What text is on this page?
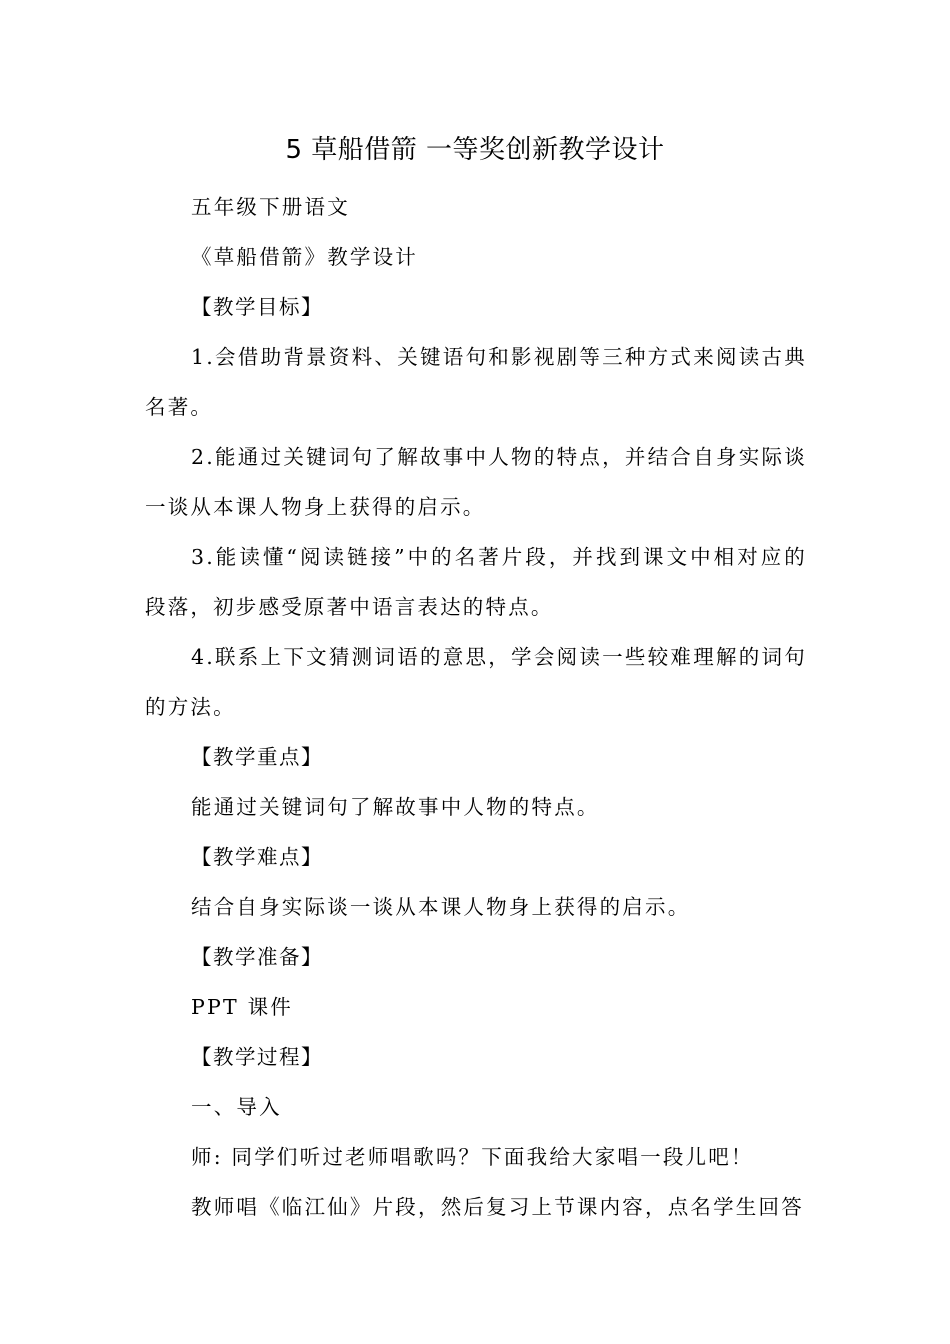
5 草船借箭 一等奖创新教学设计

五年级下册语文

《草船借箭》教学设计

【教学目标】

1.会借助背景资料、关键语句和影视剧等三种方式来阅读古典名著。

2.能通过关键词句了解故事中人物的特点，并结合自身实际谈一谈从本课人物身上获得的启示。

3.能读懂“阅读链接”中的名著片段，并找到课文中相对应的段落，初步感受原著中语言表达的特点。

4.联系上下文猜测词语的意思，学会阅读一些较难理解的词句的方法。

【教学重点】

能通过关键词句了解故事中人物的特点。

【教学难点】

结合自身实际谈一谈从本课人物身上获得的启示。

【教学准备】

PPT 课件

【教学过程】

一、导入

师: 同学们听过老师唱歌吗？下面我给大家唱一段儿吧！

教师唱《临江仙》片段，然后复习上节课内容，点名学生回答
